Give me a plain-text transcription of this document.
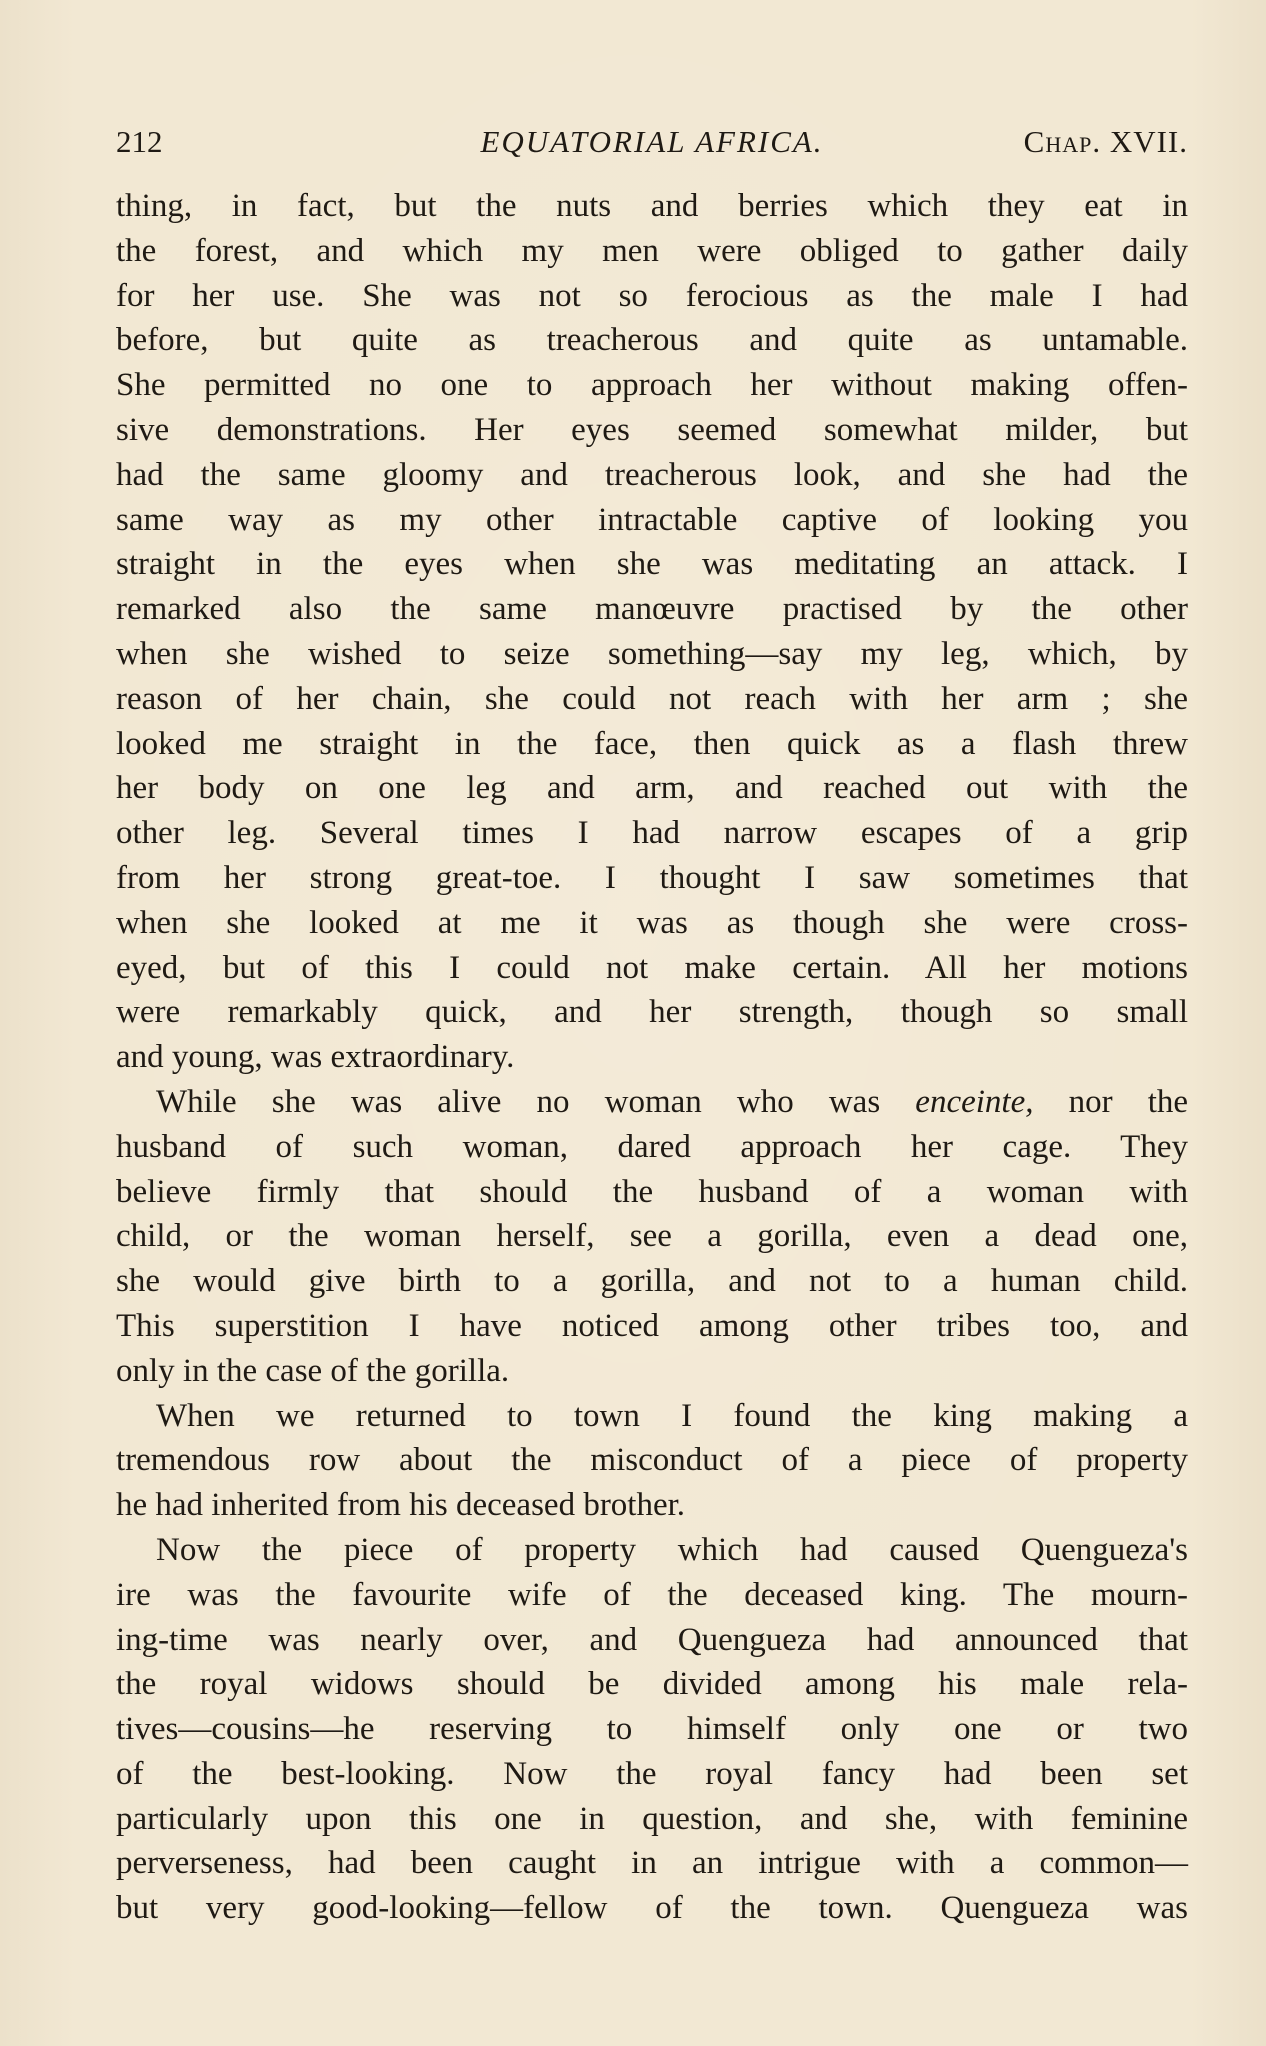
212	EQUATORIAL AFRICA.	Chap. XVII.
thing, in fact, but the nuts and berries which they eat in
the forest, and which my men were obliged to gather daily
for her use. She was not so ferocious as the male I had
before, but quite as treacherous and quite as untamable.
She permitted no one to approach her without making offen-
sive demonstrations. Her eyes seemed somewhat milder, but
had the same gloomy and treacherous look, and she had the
same way as my other intractable captive of looking you
straight in the eyes when she was meditating an attack. I
remarked also the same manœuvre practised by the other
when she wished to seize something—say my leg, which, by
reason of her chain, she could not reach with her arm ; she
looked me straight in the face, then quick as a flash threw
her body on one leg and arm, and reached out with the
other leg. Several times I had narrow escapes of a grip
from her strong great-toe. I thought I saw sometimes that
when she looked at me it was as though she were cross-
eyed, but of this I could not make certain. All her motions
were remarkably quick, and her strength, though so small
and young, was extraordinary.
While she was alive no woman who was enceinte, nor the
husband of such woman, dared approach her cage. They
believe firmly that should the husband of a woman with
child, or the woman herself, see a gorilla, even a dead one,
she would give birth to a gorilla, and not to a human child.
This superstition I have noticed among other tribes too, and
only in the case of the gorilla.
When we returned to town I found the king making a
tremendous row about the misconduct of a piece of property
he had inherited from his deceased brother.
Now the piece of property which had caused Quengueza's
ire was the favourite wife of the deceased king. The mourn-
ing-time was nearly over, and Quengueza had announced that
the royal widows should be divided among his male rela-
tives—cousins—he reserving to himself only one or two
of the best-looking. Now the royal fancy had been set
particularly upon this one in question, and she, with feminine
perverseness, had been caught in an intrigue with a common—
but very good-looking—fellow of the town. Quengueza was
